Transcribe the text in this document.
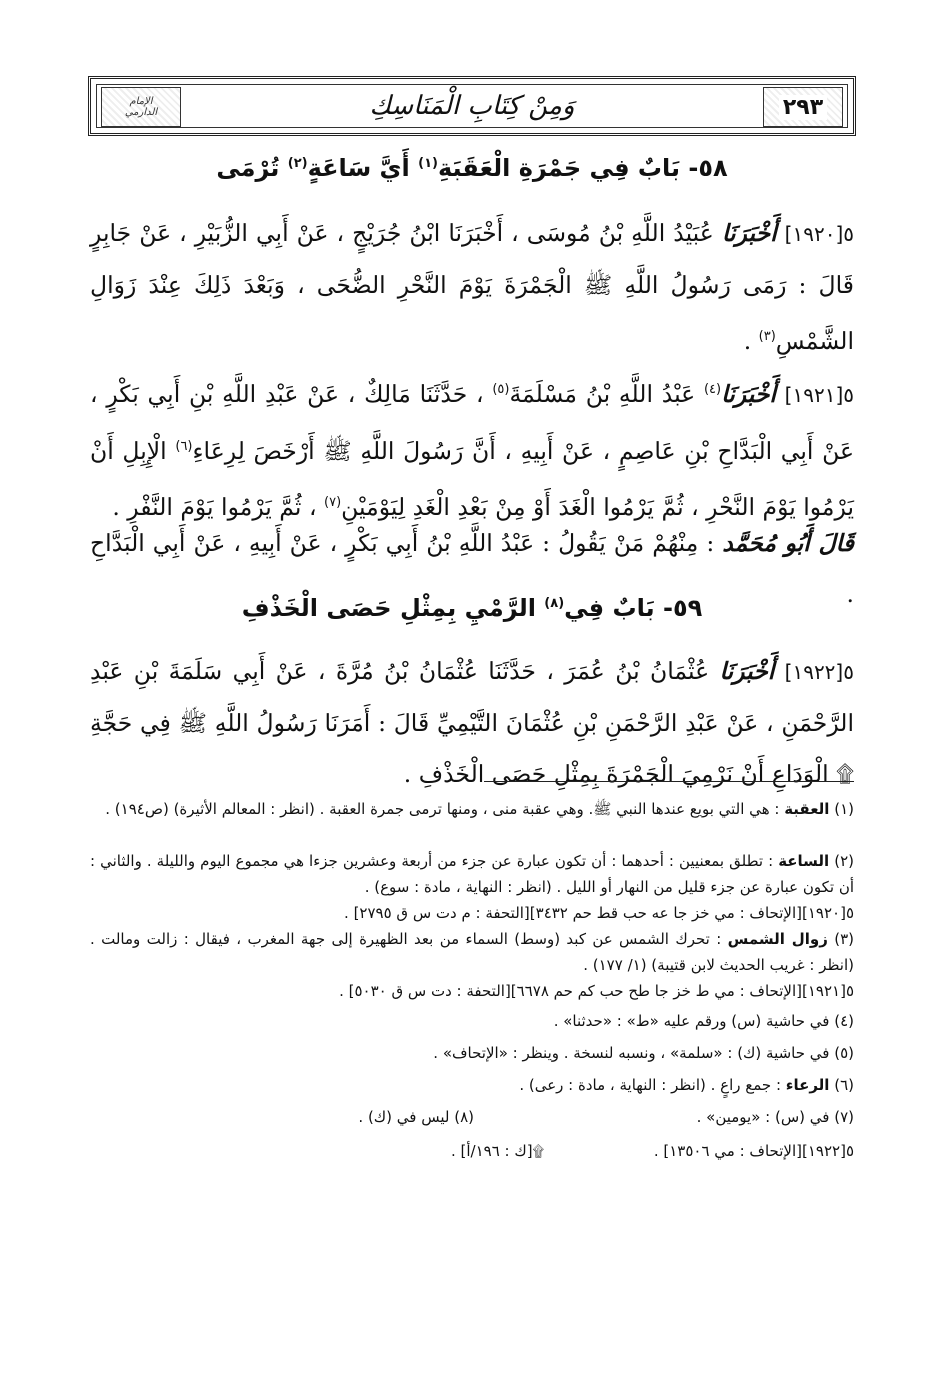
٢٩٣
وَمِنْ كِتَابِ الْمَنَاسِكِ
الإمام
الدارمي
٥٨- بَابٌ فِي جَمْرَةِ الْعَقَبَةِ$^{(١)}$ أَيَّ سَاعَةٍ$^{(٢)}$ تُرْمَى
٥[١٩٢٠] أَخْبَرَنَا عُبَيْدُ اللَّهِ بْنُ مُوسَى ، أَخْبَرَنَا ابْنُ جُرَيْجٍ ، عَنْ أَبِي الزُّبَيْرِ ، عَنْ جَابِرٍ قَالَ : رَمَى رَسُولُ اللَّهِ ﷺ الْجَمْرَةَ يَوْمَ النَّحْرِ الضُّحَى ، وَبَعْدَ ذَلِكَ عِنْدَ زَوَالِ الشَّمْسِ$^{(٣)}$ .
٥[١٩٢١] أَخْبَرَنَا$^{(٤)}$ عَبْدُ اللَّهِ بْنُ مَسْلَمَةَ$^{(٥)}$ ، حَدَّثَنَا مَالِكٌ ، عَنْ عَبْدِ اللَّهِ بْنِ أَبِي بَكْرٍ ، عَنْ أَبِي الْبَدَّاحِ بْنِ عَاصِمٍ ، عَنْ أَبِيهِ ، أَنَّ رَسُولَ اللَّهِ ﷺ أَرْخَصَ لِرِعَاءِ$^{(٦)}$ الْإِبِلِ أَنْ يَرْمُوا يَوْمَ النَّحْرِ ، ثُمَّ يَرْمُوا الْغَدَ أَوْ مِنْ بَعْدِ الْغَدِ لِيَوْمَيْنِ$^{(٧)}$ ، ثُمَّ يَرْمُوا يَوْمَ النَّفْرِ .
قَالَ أَبُو مُحَمَّد : مِنْهُمْ مَنْ يَقُولُ : عَبْدُ اللَّهِ بْنُ أَبِي بَكْرٍ ، عَنْ أَبِيهِ ، عَنْ أَبِي الْبَدَّاحِ .
٥٩- بَابٌ فِي$^{(٨)}$ الرَّمْيِ بِمِثْلِ حَصَى الْخَذْفِ
٥[١٩٢٢] أَخْبَرَنَا عُثْمَانُ بْنُ عُمَرَ ، حَدَّثَنَا عُثْمَانُ بْنُ مُرَّةَ ، عَنْ أَبِي سَلَمَةَ بْنِ عَبْدِ الرَّحْمَنِ ، عَنْ عَبْدِ الرَّحْمَنِ بْنِ عُثْمَانَ التَّيْمِيِّ قَالَ : أَمَرَنَا رَسُولُ اللَّهِ ﷺ فِي حَجَّةِ ۩ الْوَدَاعِ أَنْ نَرْمِيَ الْجَمْرَةَ بِمِثْلِ حَصَى الْخَذْفِ .
(١) العقبة : هي التي بويع عندها النبي ﷺ. وهي عقبة منى ، ومنها ترمى جمرة العقبة . (انظر : المعالم الأثيرة) (ص١٩٤) .
(٢) الساعة : تطلق بمعنيين : أحدهما : أن تكون عبارة عن جزء من أربعة وعشرين جزءا هي مجموع اليوم والليلة . والثاني : أن تكون عبارة عن جزء قليل من النهار أو الليل . (انظر : النهاية ، مادة : سوع) .
٥[١٩٢٠][الإتحاف : مي خز جا عه حب قط حم ٣٤٣٢][التحفة : م دت س ق ٢٧٩٥] .
(٣) زوال الشمس : تحرك الشمس عن كبد (وسط) السماء من بعد الظهيرة إلى جهة المغرب ، فيقال : زالت ومالت . (انظر : غريب الحديث لابن قتيبة) (١/ ١٧٧) .
٥[١٩٢١][الإتحاف : مي ط خز جا طح حب كم حم ٦٦٧٨][التحفة : دت س ق ٥٠٣٠] .
(٤) في حاشية (س) ورقم عليه «ط» : «حدثنا» .
(٥) في حاشية (ك) : «سلمة» ، ونسبه لنسخة . وينظر : «الإتحاف» .
(٦) الرعاء : جمع راعٍ . (انظر : النهاية ، مادة : رعى) .
(٧) في (س) : «يومين» .
(٨) ليس في (ك) .
٥[١٩٢٢][الإتحاف : مي ١٣٥٠٦] .
۩[ك : ١٩٦/أ] .
